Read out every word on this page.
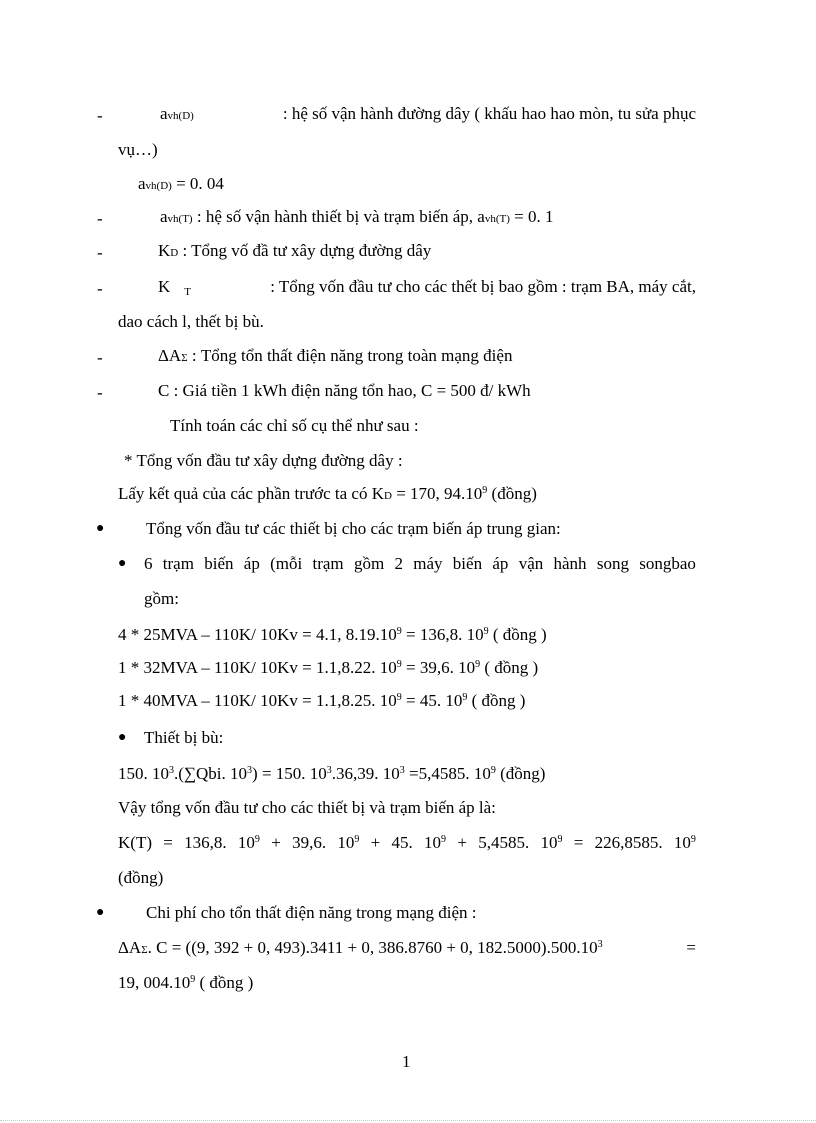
-	avh(D)	: hệ số vận hành đường dây ( khấu hao hao mòn, tu sửa phục
vụ…)
avh(D) = 0. 04
-	avh(T) : hệ số vận hành thiết bị và trạm biến áp, avh(T) = 0. 1
-	KD : Tổng vố đầ tư xây dựng đường dây
-	K T	: Tổng vốn đầu tư cho các thết bị bao gồm : trạm BA, máy cắt,
dao cách l, thết bị bù.
-	ΔAΣ : Tổng tổn thất điện năng trong toàn mạng điện
-	C : Giá tiền 1 kWh điện năng tổn hao, C = 500 đ/ kWh
Tính toán các chỉ số cụ thể như sau :
* Tổng vốn đầu tư xây dựng đường dây :
Lấy kết quả của các phần trước ta có KD = 170, 94.10$^9$ (đồng)
● Tổng vốn đầu tư các thiết bị cho các trạm biến áp trung gian:
● 6 trạm biến áp (mỗi trạm gồm 2 máy biến áp vận hành song songbao
gồm:
4 * 25MVA – 110K/ 10Kv = 4.1, $8.19.10^9 = 136,8$. $10^9$ ( đồng )
1 * 32MVA – 110K/ 10Kv = 1.1,8.22. $10^9 = 39,6$. $10^9$ ( đồng )
1 * 40MVA – 110K/ 10Kv = 1.1,8.25. $10^9 = 45$. $10^9$ ( đồng )
● Thiết bị bù:
150. $10^3.(\sum Qbi$. $10^3) = 150$. $10^3.36,39$. $10^3 =5,4585$. $10^9$ (đồng)
Vậy tổng vốn đầu tư cho các thiết bị và trạm biến áp là:
K(T) = 136,8. $10^9 + 39,6$. $10^9 + 45$. $10^9 + 5,4585$. $10^9 = 226,8585$. $10^9$
(đồng)
● Chi phí cho tổn thất điện năng trong mạng điện :
ΔAΣ. C = ((9, 392 + 0, 493).3411 + 0, 386.8760 + 0, $182.5000).500.10^3$	=
19, 004.10$^9$ ( đồng )
1
